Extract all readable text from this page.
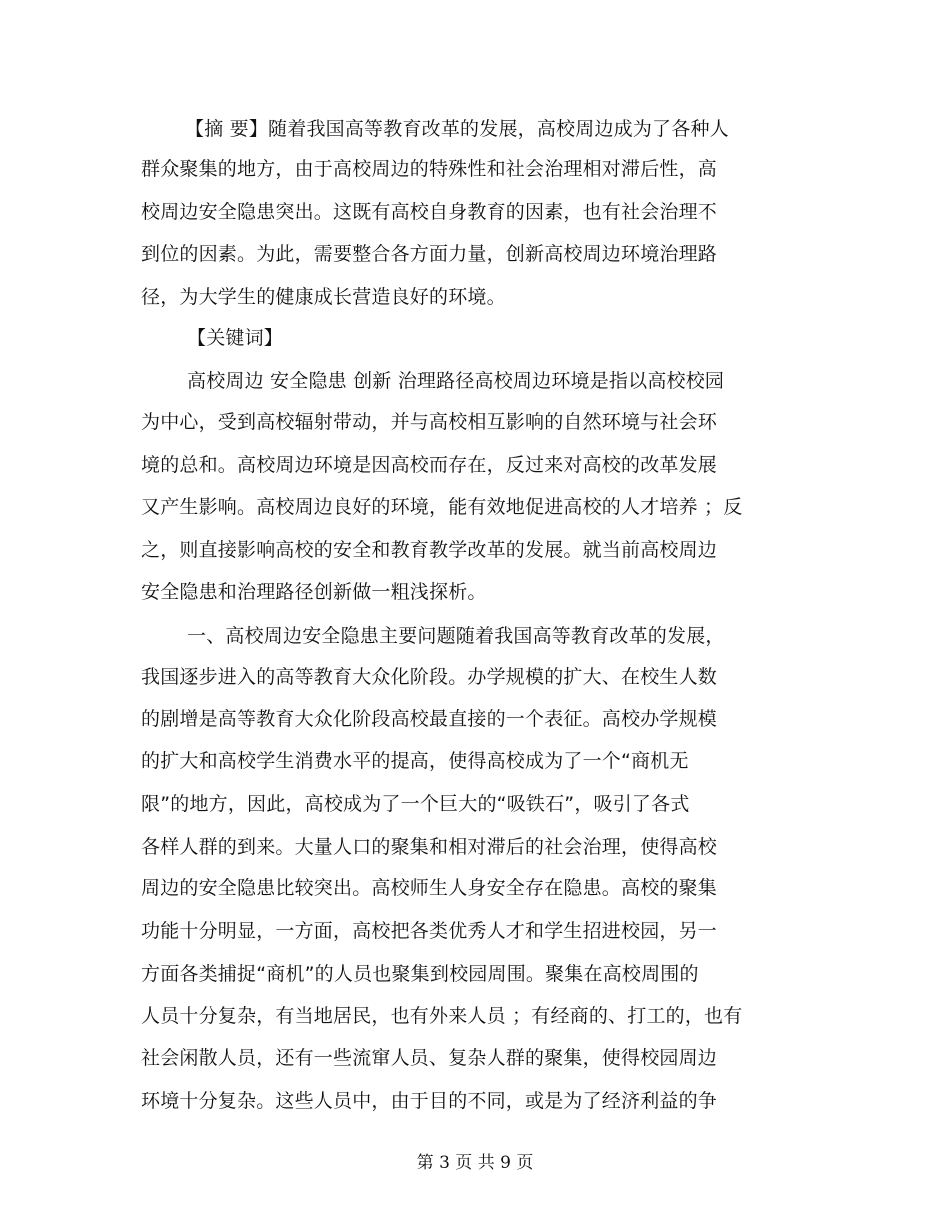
【摘 要】随着我国高等教育改革的发展，高校周边成为了各种人
群众聚集的地方，由于高校周边的特殊性和社会治理相对滞后性，高
校周边安全隐患突出。这既有高校自身教育的因素，也有社会治理不
到位的因素。为此，需要整合各方面力量，创新高校周边环境治理路
径，为大学生的健康成长营造良好的环境。
【关键词】
高校周边 安全隐患 创新 治理路径高校周边环境是指以高校校园
为中心，受到高校辐射带动，并与高校相互影响的自然环境与社会环
境的总和。高校周边环境是因高校而存在，反过来对高校的改革发展
又产生影响。高校周边良好的环境，能有效地促进高校的人才培养 ；反
之，则直接影响高校的安全和教育教学改革的发展。就当前高校周边
安全隐患和治理路径创新做一粗浅探析。
一、高校周边安全隐患主要问题随着我国高等教育改革的发展，
我国逐步进入的高等教育大众化阶段。办学规模的扩大、在校生人数
的剧增是高等教育大众化阶段高校最直接的一个表征。高校办学规模
的扩大和高校学生消费水平的提高，使得高校成为了一个“商机无
限”的地方，因此，高校成为了一个巨大的“吸铁石”，吸引了各式
各样人群的到来。大量人口的聚集和相对滞后的社会治理，使得高校
周边的安全隐患比较突出。高校师生人身安全存在隐患。高校的聚集
功能十分明显，一方面，高校把各类优秀人才和学生招进校园，另一
方面各类捕捉“商机”的人员也聚集到校园周围。聚集在高校周围的
人员十分复杂，有当地居民，也有外来人员 ；有经商的、打工的，也有
社会闲散人员，还有一些流窜人员、复杂人群的聚集，使得校园周边
环境十分复杂。这些人员中，由于目的不同，或是为了经济利益的争
第 3 页 共 9 页
